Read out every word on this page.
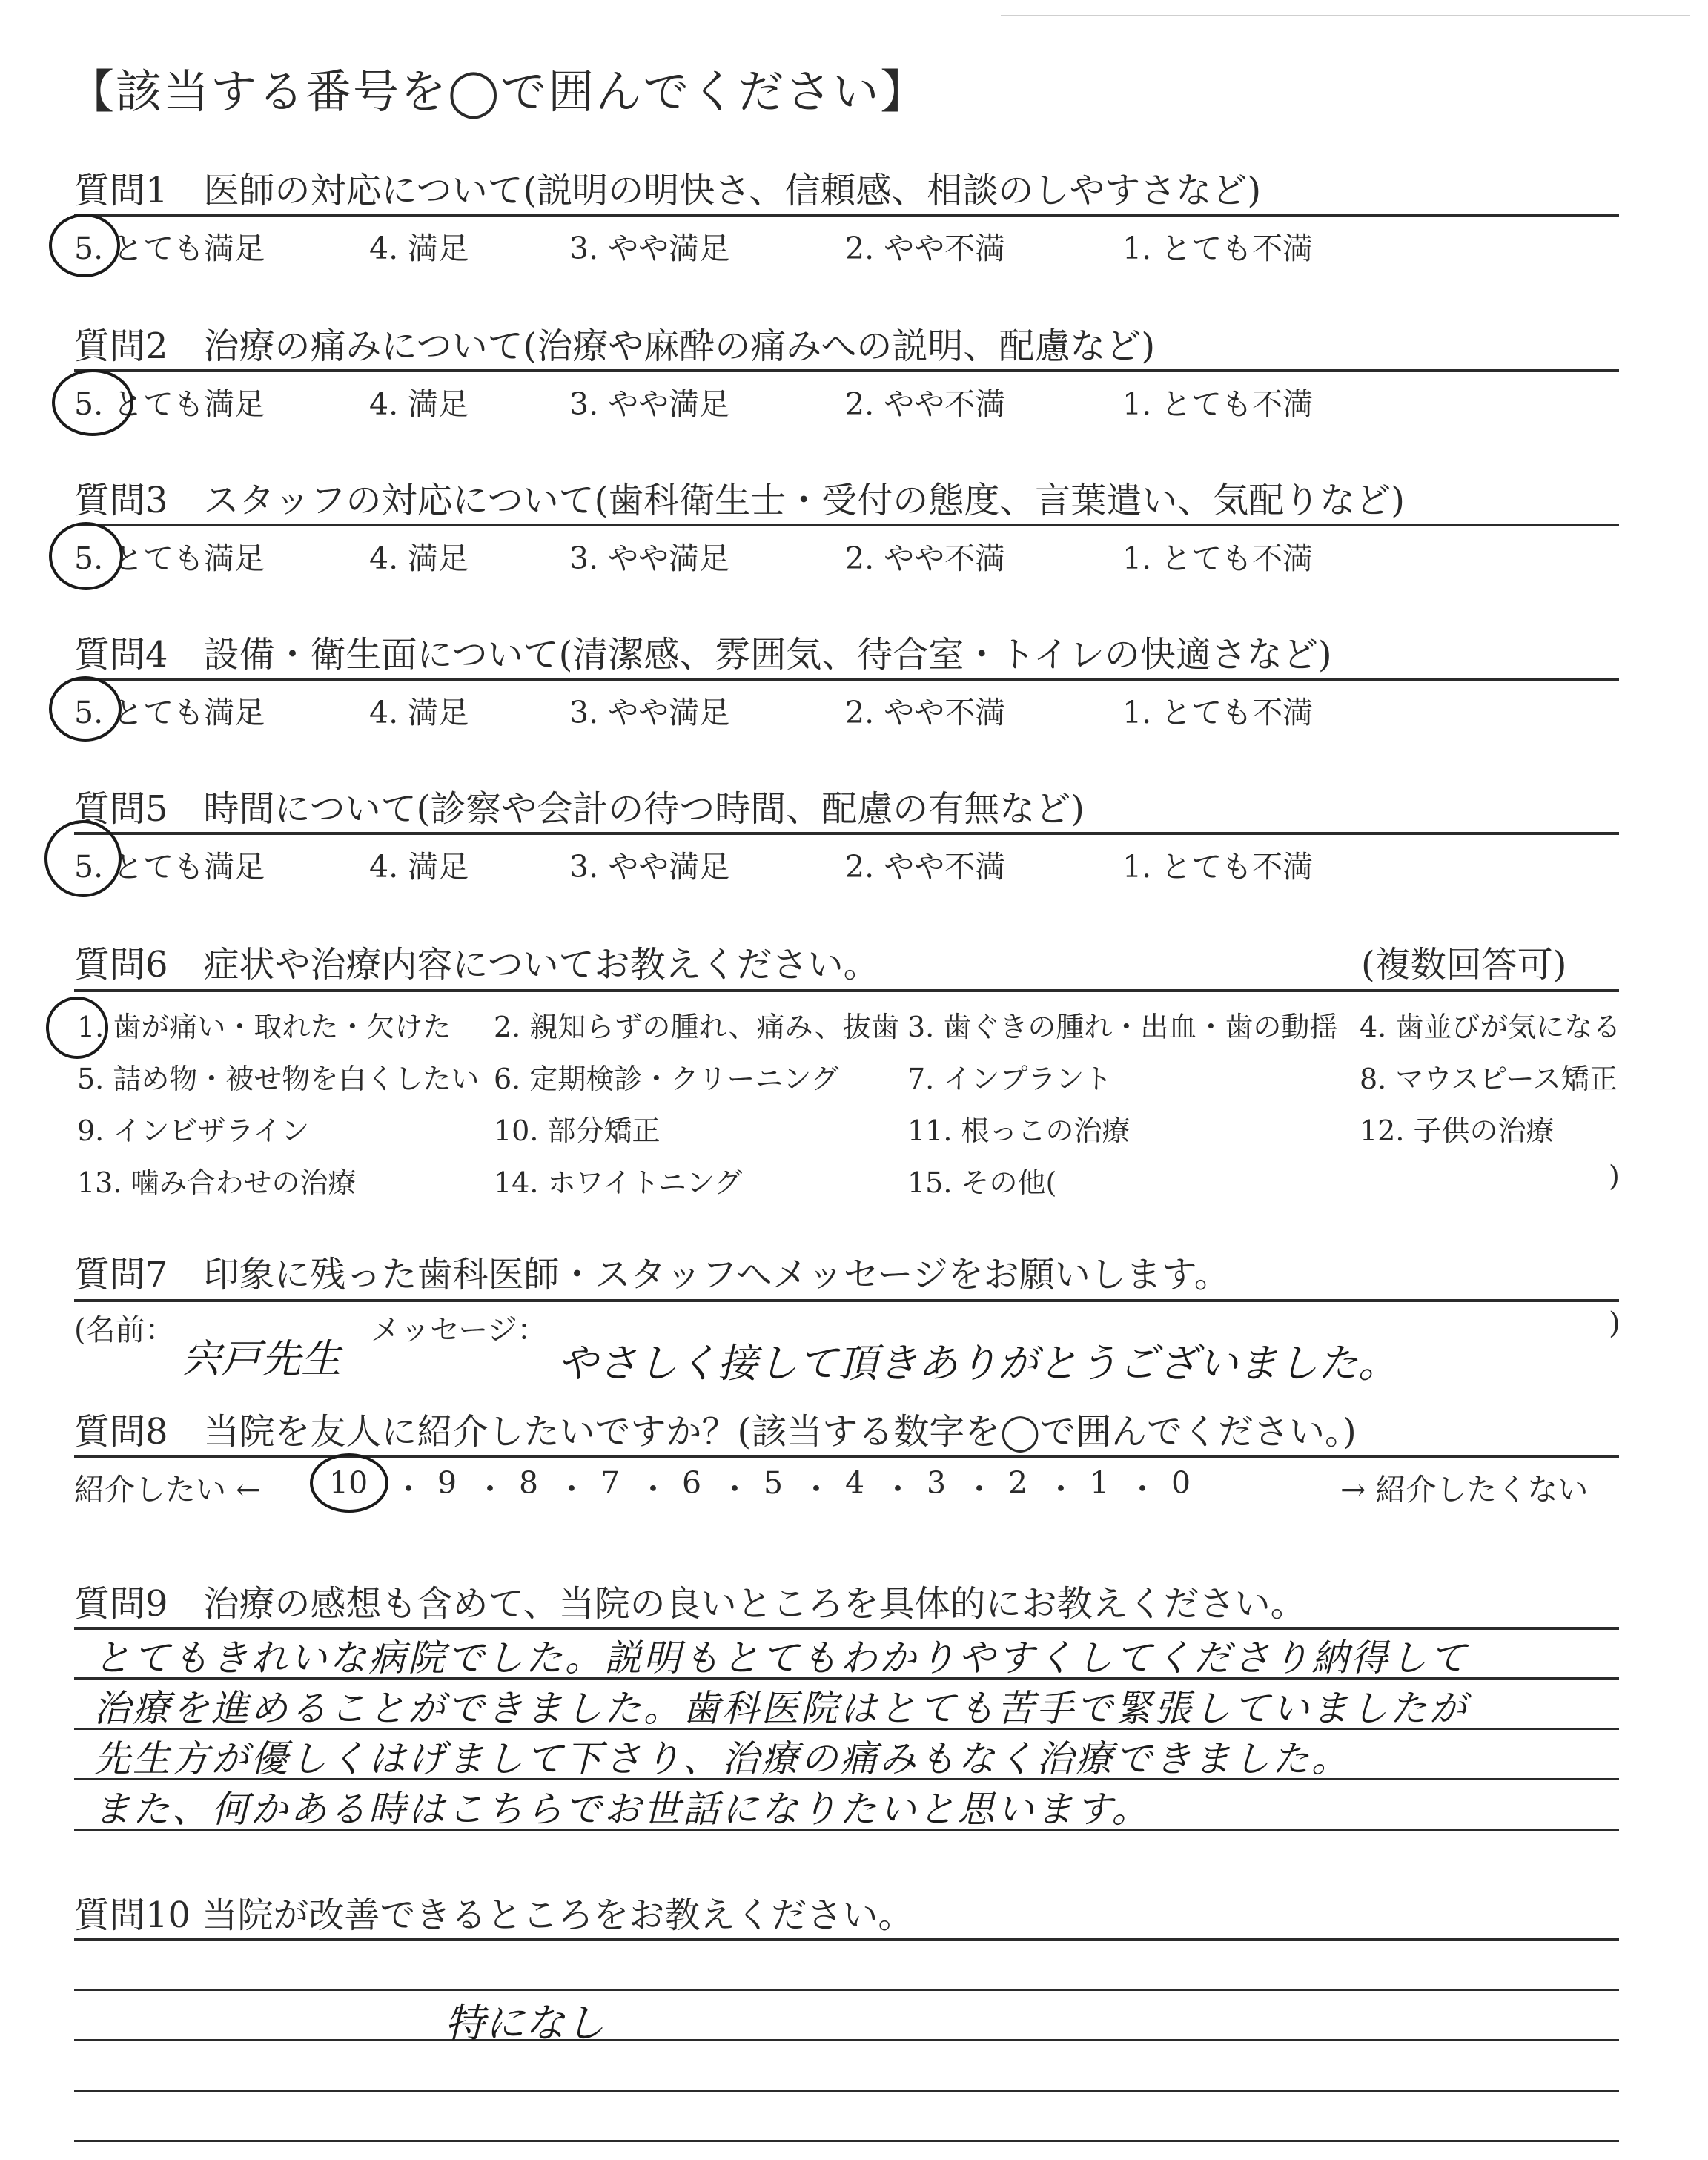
【該当する番号を◯で囲んでください】
質問1　医師の対応について(説明の明快さ、信頼感、相談のしやすさなど)
5. とても満足	4. 満足	3. やや満足	2. やや不満	1. とても不満
質問2　治療の痛みについて(治療や麻酔の痛みへの説明、配慮など)
5. とても満足	4. 満足	3. やや満足	2. やや不満	1. とても不満
質問3　スタッフの対応について(歯科衛生士・受付の態度、言葉遣い、気配りなど)
5. とても満足	4. 満足	3. やや満足	2. やや不満	1. とても不満
質問4　設備・衛生面について(清潔感、雰囲気、待合室・トイレの快適さなど)
5. とても満足	4. 満足	3. やや満足	2. やや不満	1. とても不満
質問5　時間について(診察や会計の待つ時間、配慮の有無など)
5. とても満足	4. 満足	3. やや満足	2. やや不満	1. とても不満
質問6　症状や治療内容についてお教えください。	(複数回答可)
1. 歯が痛い・取れた・欠けた 2. 親知らずの腫れ、痛み、抜歯 3. 歯ぐきの腫れ・出血・歯の動揺 4. 歯並びが気になる
5. 詰め物・被せ物を白くしたい 6. 定期検診・クリーニング 7. インプラント	8. マウスピース矯正
9. インビザライン	10. 部分矯正	11. 根っこの治療	12. 子供の治療
13. 噛み合わせの治療	14. ホワイトニング	15. その他(	)
質問7　印象に残った歯科医師・スタッフへメッセージをお願いします。
(名前：
宍戸先生
メッセージ：
やさしく接して頂きありがとうございました。
)
質問8　当院を友人に紹介したいですか？(該当する数字を◯で囲んでください。)
紹介したい ← 10 ・ 9 ・ 8 ・ 7 ・ 6 ・ 5 ・ 4 ・ 3 ・ 2 ・ 1 ・ 0	→ 紹介したくない
質問9　治療の感想も含めて、当院の良いところを具体的にお教えください。
とてもきれいな病院でした。説明もとてもわかりやすくしてくださり納得して
治療を進めることができました。歯科医院はとても苦手で緊張していましたが
先生方が優しくはげまして下さり、治療の痛みもなく治療できました。
また、何かある時はこちらでお世話になりたいと思います。
質問10 当院が改善できるところをお教えください。
特になし
